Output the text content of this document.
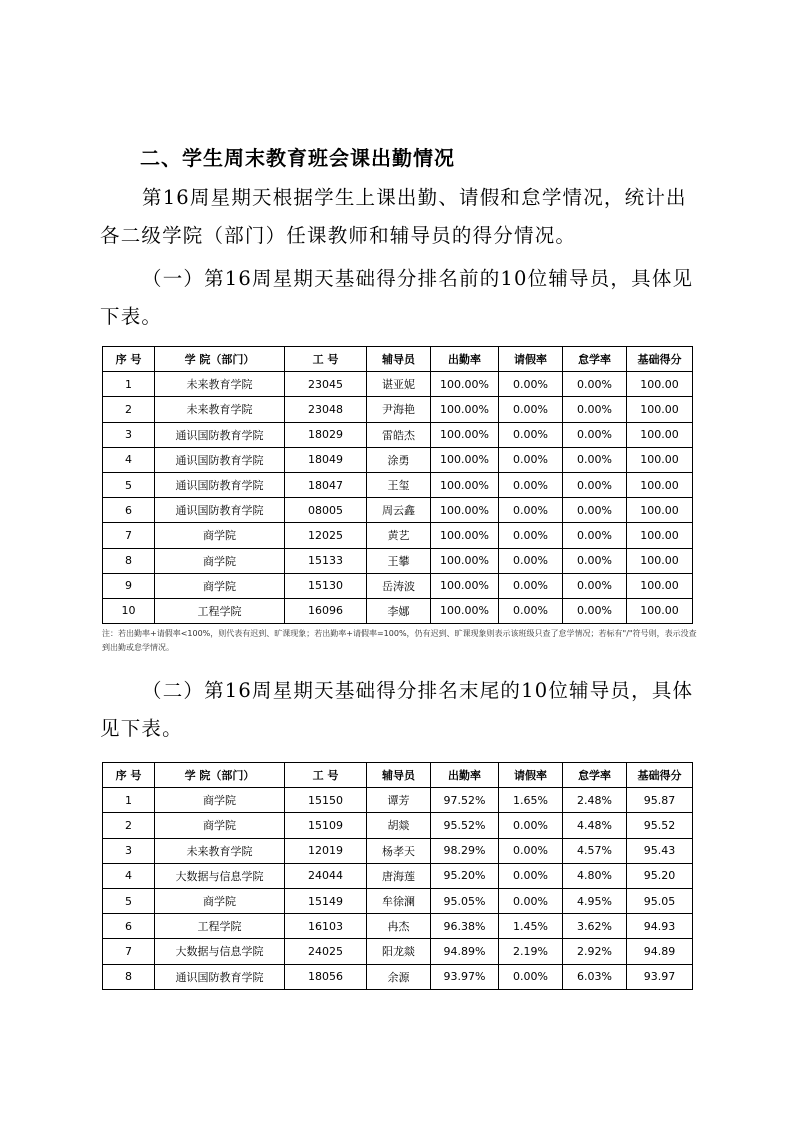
二、学生周末教育班会课出勤情况
第16周星期天根据学生上课出勤、请假和怠学情况，统计出各二级学院（部门）任课教师和辅导员的得分情况。
（一）第16周星期天基础得分排名前的10位辅导员，具体见下表。
序 号	学 院（部门）	工 号	辅导员	出勤率	请假率	怠学率	基础得分
1	未来教育学院	23045	谌亚妮	100.00%	0.00%	0.00%	100.00
2	未来教育学院	23048	尹海艳	100.00%	0.00%	0.00%	100.00
3	通识国防教育学院	18029	雷皓杰	100.00%	0.00%	0.00%	100.00
4	通识国防教育学院	18049	涂勇	100.00%	0.00%	0.00%	100.00
5	通识国防教育学院	18047	王玺	100.00%	0.00%	0.00%	100.00
6	通识国防教育学院	08005	周云鑫	100.00%	0.00%	0.00%	100.00
7	商学院	12025	黄艺	100.00%	0.00%	0.00%	100.00
8	商学院	15133	王攀	100.00%	0.00%	0.00%	100.00
9	商学院	15130	岳涛波	100.00%	0.00%	0.00%	100.00
10	工程学院	16096	李娜	100.00%	0.00%	0.00%	100.00
注：若出勤率+请假率<100%，则代表有迟到、旷课现象；若出勤率+请假率=100%，仍有迟到、旷课现象则表示该班级只查了怠学情况；若标有"/"符号则，表示没查到出勤或怠学情况。
（二）第16周星期天基础得分排名末尾的10位辅导员，具体见下表。
序 号	学 院（部门）	工 号	辅导员	出勤率	请假率	怠学率	基础得分
1	商学院	15150	谭芳	97.52%	1.65%	2.48%	95.87
2	商学院	15109	胡燚	95.52%	0.00%	4.48%	95.52
3	未来教育学院	12019	杨孝天	98.29%	0.00%	4.57%	95.43
4	大数据与信息学院	24044	唐海莲	95.20%	0.00%	4.80%	95.20
5	商学院	15149	牟徐澜	95.05%	0.00%	4.95%	95.05
6	工程学院	16103	冉杰	96.38%	1.45%	3.62%	94.93
7	大数据与信息学院	24025	阳龙燚	94.89%	2.19%	2.92%	94.89
8	通识国防教育学院	18056	余源	93.97%	0.00%	6.03%	93.97
